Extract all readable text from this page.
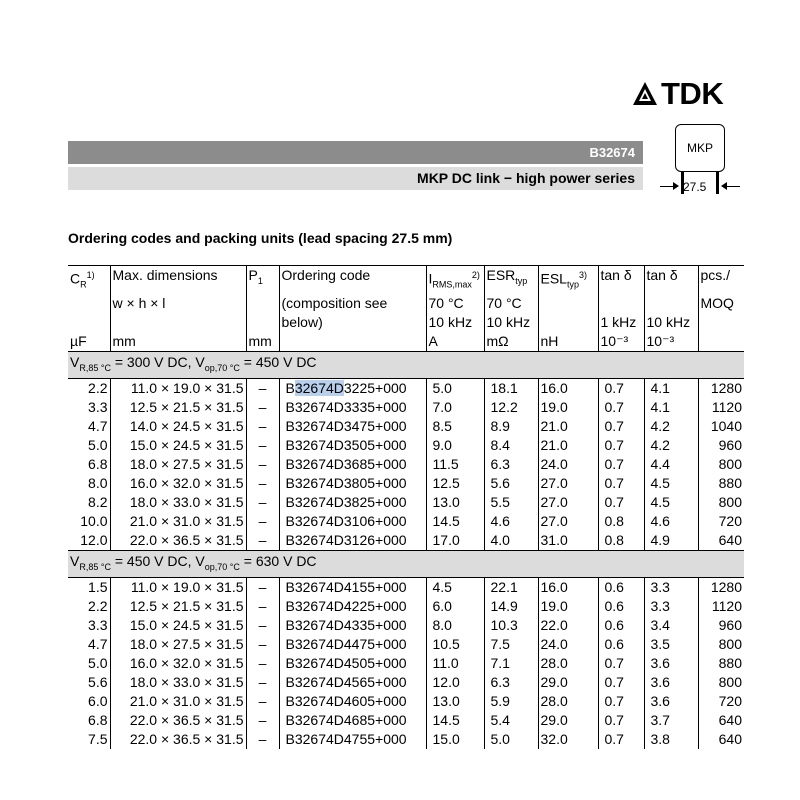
TDK
B32674
MKP DC link − high power series
MKP
27.5
Ordering codes and packing units (lead spacing 27.5 mm)
$C_R^{1)}$	Max. dimensions	$P_1$	Ordering code	$I_{RMS,max}^{2)}$	$ESR_{typ}$	$ESL_{typ}^{3)}$	tan δ	tan δ	pcs./
	w × h × l		(composition see	70 °C	70 °C				MOQ
			below)	10 kHz	10 kHz		1 kHz	10 kHz	
µF	mm	mm		A	mΩ	nH	10⁻³	10⁻³	
$V_{R,85 ^\circ C} = 300$ V DC, $V_{op,70 ^\circ C} = 450$ V DC									
2.2	11.0 × 19.0 × 31.5	–	B32674D3225+000	5.0	18.1	16.0	0.7	4.1	1280
3.3	12.5 × 21.5 × 31.5	–	B32674D3335+000	7.0	12.2	19.0	0.7	4.1	1120
4.7	14.0 × 24.5 × 31.5	–	B32674D3475+000	8.5	8.9	21.0	0.7	4.2	1040
5.0	15.0 × 24.5 × 31.5	–	B32674D3505+000	9.0	8.4	21.0	0.7	4.2	960
6.8	18.0 × 27.5 × 31.5	–	B32674D3685+000	11.5	6.3	24.0	0.7	4.4	800
8.0	16.0 × 32.0 × 31.5	–	B32674D3805+000	12.5	5.6	27.0	0.7	4.5	880
8.2	18.0 × 33.0 × 31.5	–	B32674D3825+000	13.0	5.5	27.0	0.7	4.5	800
10.0	21.0 × 31.0 × 31.5	–	B32674D3106+000	14.5	4.6	27.0	0.8	4.6	720
12.0	22.0 × 36.5 × 31.5	–	B32674D3126+000	17.0	4.0	31.0	0.8	4.9	640
$V_{R,85 ^\circ C} = 450$ V DC, $V_{op,70 ^\circ C} = 630$ V DC									
1.5	11.0 × 19.0 × 31.5	–	B32674D4155+000	4.5	22.1	16.0	0.6	3.3	1280
2.2	12.5 × 21.5 × 31.5	–	B32674D4225+000	6.0	14.9	19.0	0.6	3.3	1120
3.3	15.0 × 24.5 × 31.5	–	B32674D4335+000	8.0	10.3	22.0	0.6	3.4	960
4.7	18.0 × 27.5 × 31.5	–	B32674D4475+000	10.5	7.5	24.0	0.6	3.5	800
5.0	16.0 × 32.0 × 31.5	–	B32674D4505+000	11.0	7.1	28.0	0.7	3.6	880
5.6	18.0 × 33.0 × 31.5	–	B32674D4565+000	12.0	6.3	29.0	0.7	3.6	800
6.0	21.0 × 31.0 × 31.5	–	B32674D4605+000	13.0	5.9	28.0	0.7	3.6	720
6.8	22.0 × 36.5 × 31.5	–	B32674D4685+000	14.5	5.4	29.0	0.7	3.7	640
7.5	22.0 × 36.5 × 31.5	–	B32674D4755+000	15.0	5.0	32.0	0.7	3.8	640
